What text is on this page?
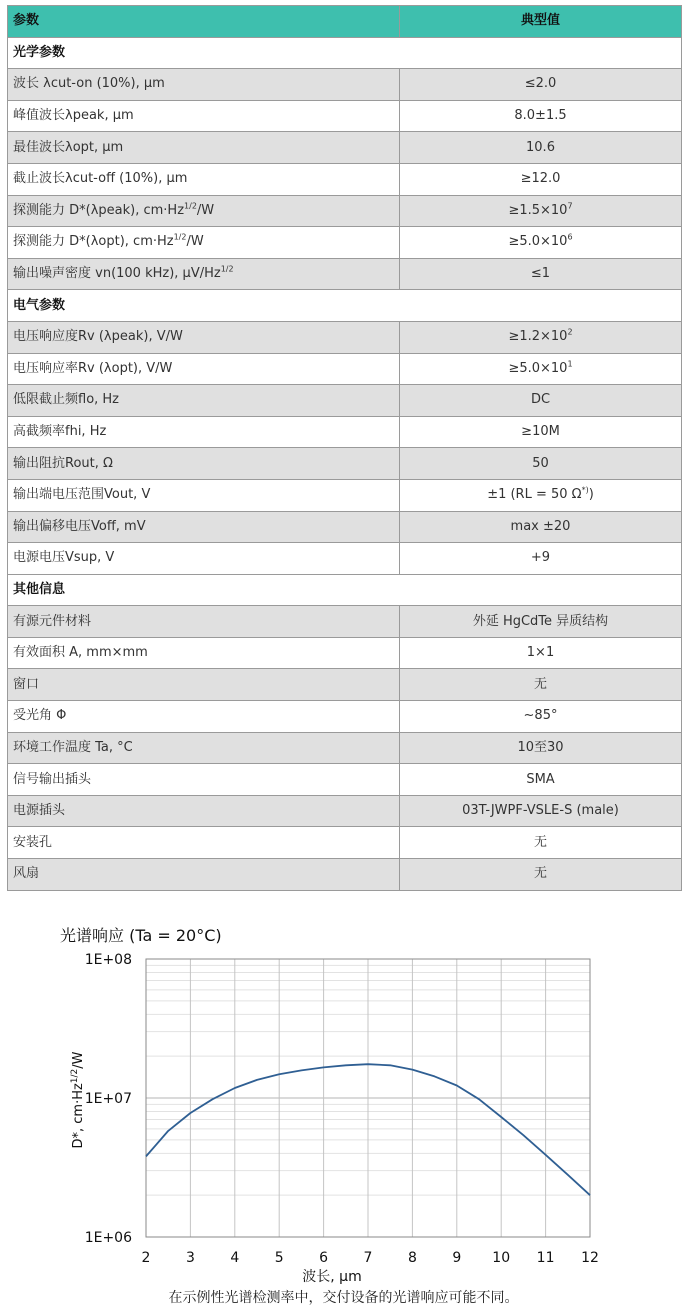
参数	典型值
光学参数	
波长 λcut-on (10%), μm	≤2.0
峰值波长λpeak, μm	8.0±1.5
最佳波长λopt, μm	10.6
截止波长λcut-off (10%), μm	≥12.0
探测能力 D*(λpeak), $cm\cdot Hz^{1/2}/W$	$\ge 1.5\times 10^7$
探测能力 D*(λopt), $cm\cdot Hz^{1/2}/W$	$\ge 5.0\times 10^6$
输出噪声密度 vn(100 kHz), $\mu V/Hz^{1/2}$	≤1
电气参数	
电压响应度Rv (λpeak), V/W	$\ge 1.2\times 10^2$
电压响应率Rv (λopt), V/W	$\ge 5.0\times 10^1$
低限截止频flo, Hz	DC
高截频率fhi, Hz	≥10M
输出阻抗Rout, Ω	50
输出端电压范围Vout, V	±1 (RL = 50 Ω*))
输出偏移电压Voff, mV	max ±20
电源电压Vsup, V	+9
其他信息	
有源元件材料	外延 HgCdTe 异质结构
有效面积 A, mm×mm	1×1
窗口	无
受光角 Φ	~85°
环境工作温度 Ta, °C	10至30
信号输出插头	SMA
电源插头	03T-JWPF-VSLE-S (male)
安装孔	无
风扇	无
2	3	4	5	6	7	8	9 10 11 12
1E+06
1E+07
1E+08
光谱响应 (Ta = 20°C)
波长, μm
D*, $cm\cdot Hz^{1/2}/W$
在示例性光谱检测率中，交付设备的光谱响应可能不同。
